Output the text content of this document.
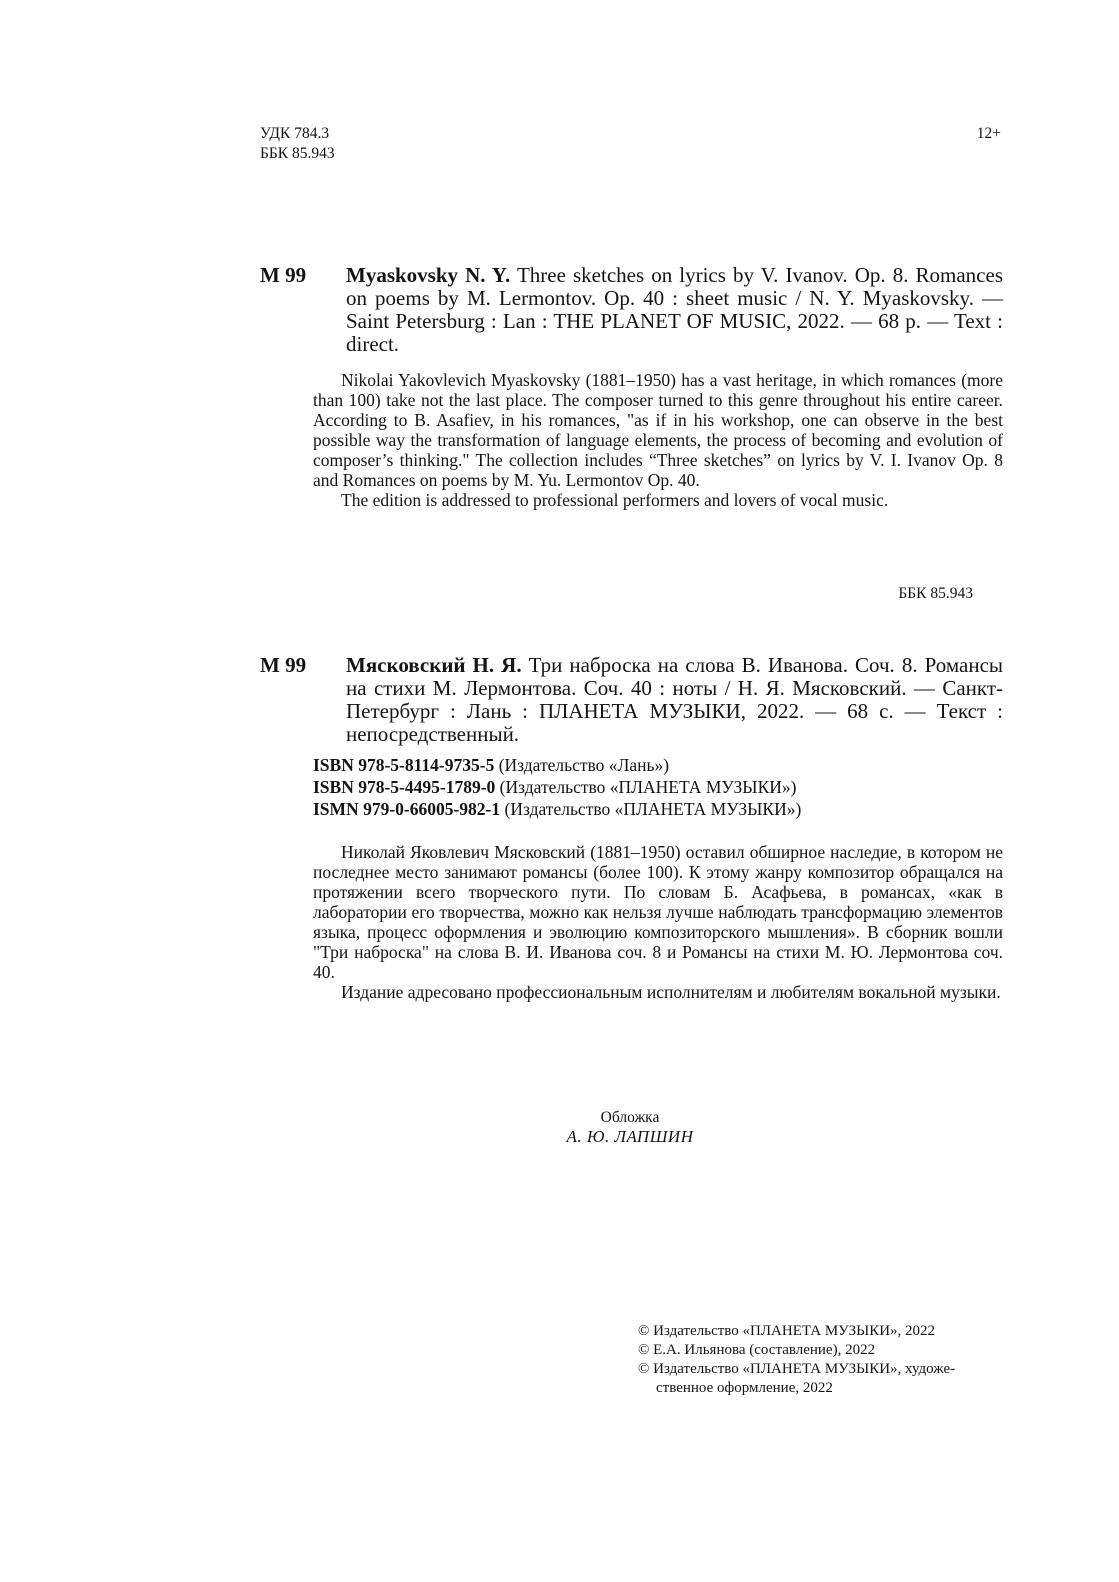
УДК 784.3
ББК 85.943
12+
М 99 Myaskovsky N. Y. Three sketches on lyrics by V. Ivanov. Op. 8. Romances on poems by M. Lermontov. Op. 40 : sheet music / N. Y. Myaskovsky. — Saint Petersburg : Lan : THE PLANET OF MUSIC, 2022. — 68 p. — Text : direct.

Nikolai Yakovlevich Myaskovsky (1881–1950) has a vast heritage, in which romances (more than 100) take not the last place. The composer turned to this genre throughout his entire career. According to B. Asafiev, in his romances, "as if in his workshop, one can observe in the best possible way the transformation of language elements, the process of becoming and evolution of composer’s thinking." The collection includes “Three sketches” on lyrics by V. I. Ivanov Op. 8 and Romances on poems by M. Yu. Lermontov Op. 40.

The edition is addressed to professional performers and lovers of vocal music.

ББК 85.943
М 99 Мясковский Н. Я. Три наброска на слова В. Иванова. Соч. 8. Романсы на стихи М. Лермонтова. Соч. 40 : ноты / Н. Я. Мясковский. — Санкт-Петербург : Лань : ПЛАНЕТА МУЗЫКИ, 2022. — 68 с. — Текст : непосредственный.
ISBN 978-5-8114-9735-5 (Издательство «Лань»)
ISBN 978-5-4495-1789-0 (Издательство «ПЛАНЕТА МУЗЫКИ»)
ISMN 979-0-66005-982-1 (Издательство «ПЛАНЕТА МУЗЫКИ»)

Николай Яковлевич Мясковский (1881–1950) оставил обширное наследие, в котором не последнее место занимают романсы (более 100). К этому жанру композитор обращался на протяжении всего творческого пути. По словам Б. Асафьева, в романсах, «как в лаборатории его творчества, можно как нельзя лучше наблюдать трансформацию элементов языка, процесс оформления и эволюцию композиторского мышления». В сборник вошли "Три наброска" на слова В. И. Иванова соч. 8 и Романсы на стихи М. Ю. Лермонтова соч. 40.

Издание адресовано профессиональным исполнителям и любителям вокальной музыки.

Обложка
А. Ю. ЛАПШИН
© Издательство «ПЛАНЕТА МУЗЫКИ», 2022
© Е.А. Ильянова (составление), 2022
© Издательство «ПЛАНЕТА МУЗЫКИ», художе-
ственное оформление, 2022
